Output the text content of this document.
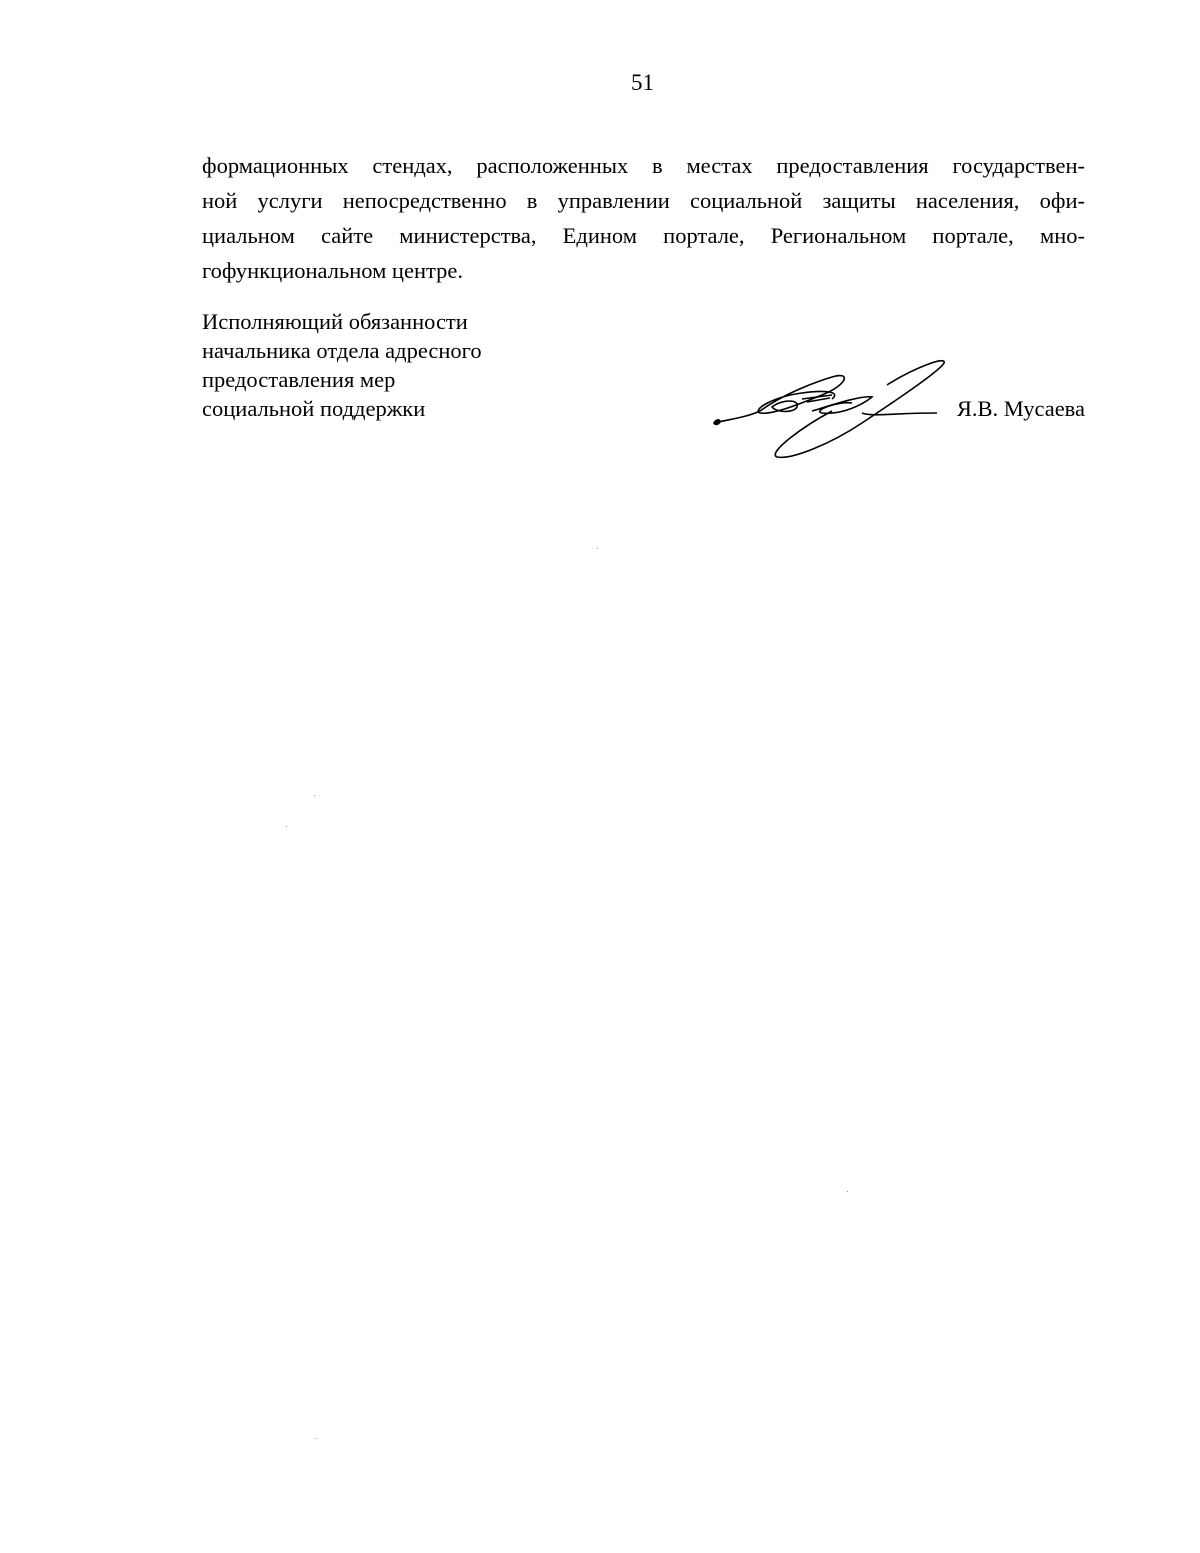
51
формационных стендах, расположенных в местах предоставления государствен-
ной услуги непосредственно в управлении социальной защиты населения, офи-
циальном сайте министерства, Едином портале, Региональном портале, мно-
гофункциональном центре.
Исполняющий обязанности
начальника отдела адресного
предоставления мер
социальной поддержки	Я.В. Мусаева
